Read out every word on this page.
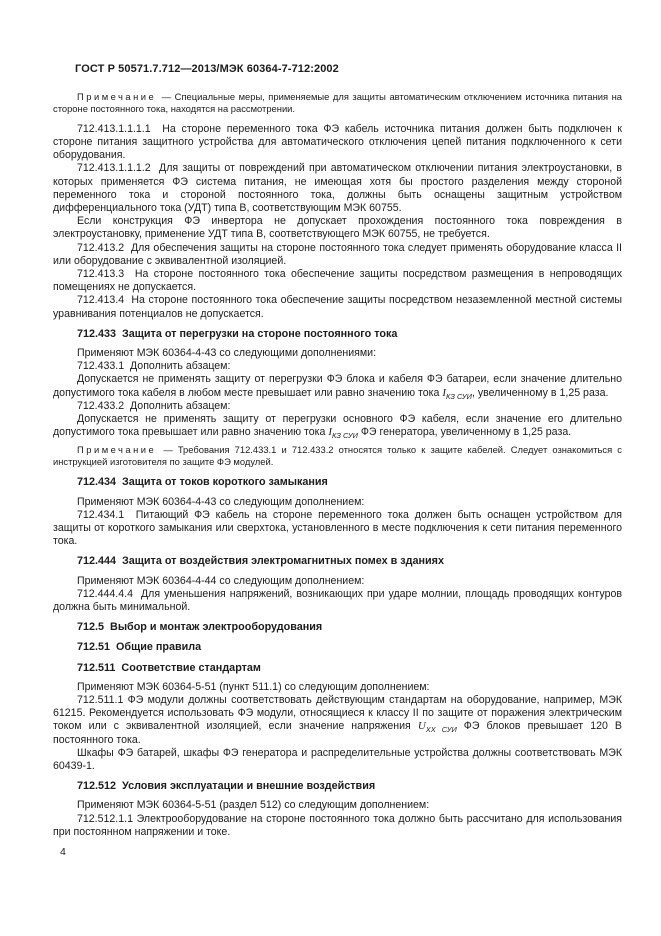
ГОСТ Р 50571.7.712—2013/МЭК 60364-7-712:2002
Примечание — Специальные меры, применяемые для защиты автоматическим отключением источника питания на стороне постоянного тока, находятся на рассмотрении.
712.413.1.1.1.1  На стороне переменного тока ФЭ кабель источника питания должен быть подключен к стороне питания защитного устройства для автоматического отключения цепей питания подключенного к сети оборудования.
712.413.1.1.1.2  Для защиты от повреждений при автоматическом отключении питания электроустановки, в которых применяется ФЭ система питания, не имеющая хотя бы простого разделения между стороной переменного тока и стороной постоянного тока, должны быть оснащены защитным устройством дифференциального тока (УДТ) типа В, соответствующим МЭК 60755.
Если конструкция ФЭ инвертора не допускает прохождения постоянного тока повреждения в электроустановку, применение УДТ типа В, соответствующего МЭК 60755, не требуется.
712.413.2  Для обеспечения защиты на стороне постоянного тока следует применять оборудование класса II или оборудование с эквивалентной изоляцией.
712.413.3  На стороне постоянного тока обеспечение защиты посредством размещения в непроводящих помещениях не допускается.
712.413.4  На стороне постоянного тока обеспечение защиты посредством незаземленной местной системы уравнивания потенциалов не допускается.
712.433  Защита от перегрузки на стороне постоянного тока
Применяют МЭК 60364-4-43 со следующими дополнениями:
712.433.1  Дополнить абзацем:
Допускается не применять защиту от перегрузки ФЭ блока и кабеля ФЭ батареи, если значение длительно допустимого тока кабеля в любом месте превышает или равно значению тока $I_{КЗ СУИ}$, увеличенному в 1,25 раза.
712.433.2  Дополнить абзацем:
Допускается не применять защиту от перегрузки основного ФЭ кабеля, если значение его длительно допустимого тока превышает или равно значению тока $I_{КЗ СУИ}$ ФЭ генератора, увеличенному в 1,25 раза.
Примечание — Требования 712.433.1 и 712.433.2 относятся только к защите кабелей. Следует ознакомиться с инструкцией изготовителя по защите ФЭ модулей.
712.434  Защита от токов короткого замыкания
Применяют МЭК 60364-4-43 со следующим дополнением:
712.434.1  Питающий ФЭ кабель на стороне переменного тока должен быть оснащен устройством для защиты от короткого замыкания или сверхтока, установленного в месте подключения к сети питания переменного тока.
712.444  Защита от воздействия электромагнитных помех в зданиях
Применяют МЭК 60364-4-44 со следующим дополнением:
712.444.4.4  Для уменьшения напряжений, возникающих при ударе молнии, площадь проводящих контуров должна быть минимальной.
712.5  Выбор и монтаж электрооборудования
712.51  Общие правила
712.511  Соответствие стандартам
Применяют МЭК 60364-5-51 (пункт 511.1) со следующим дополнением:
712.511.1 ФЭ модули должны соответствовать действующим стандартам на оборудование, например, МЭК 61215. Рекомендуется использовать ФЭ модули, относящиеся к классу II по защите от поражения электрическим током или с эквивалентной изоляцией, если значение напряжения $U_{ХХ СУИ}$ ФЭ блоков превышает 120 В постоянного тока.
Шкафы ФЭ батарей, шкафы ФЭ генератора и распределительные устройства должны соответствовать МЭК 60439-1.
712.512  Условия эксплуатации и внешние воздействия
Применяют МЭК 60364-5-51 (раздел 512) со следующим дополнением:
712.512.1.1 Электрооборудование на стороне постоянного тока должно быть рассчитано для использования при постоянном напряжении и токе.
4
